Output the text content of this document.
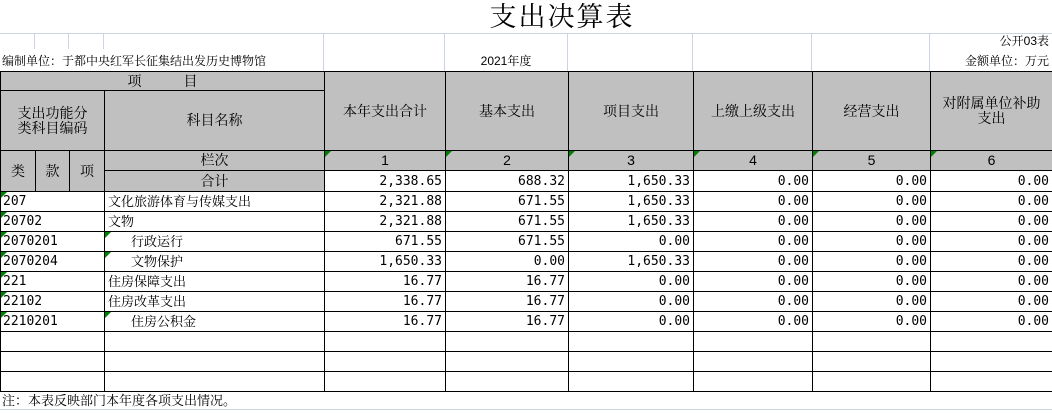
支出决算表
公开03表
编制单位：于都中央红军长征集结出发历史博物馆	2021年度	金额单位：万元
项　　　目				本年支出合计	基本支出	项目支出	上缴上级支出	经营支出	对附属单位补助支出
支出功能分类科目编码			科目名称						
类	款	项	栏次	1	2	3	4	5	6
			合计	2,338.65	688.32	1,650.33	0.00	0.00	0.00

207			文化旅游体育与传媒支出	2,321.88	671.55	1,650.33	0.00	0.00	0.00

20702			文物	2,321.88	671.55	1,650.33	0.00	0.00	0.00

2070201			行政运行	671.55	671.55	0.00	0.00	0.00	0.00

2070204			文物保护	1,650.33	0.00	1,650.33	0.00	0.00	0.00

221			住房保障支出	16.77	16.77	0.00	0.00	0.00	0.00

22102			住房改革支出	16.77	16.77	0.00	0.00	0.00	0.00

2210201			住房公积金	16.77	16.77	0.00	0.00	0.00	0.00

注：本表反映部门本年度各项支出情况。
